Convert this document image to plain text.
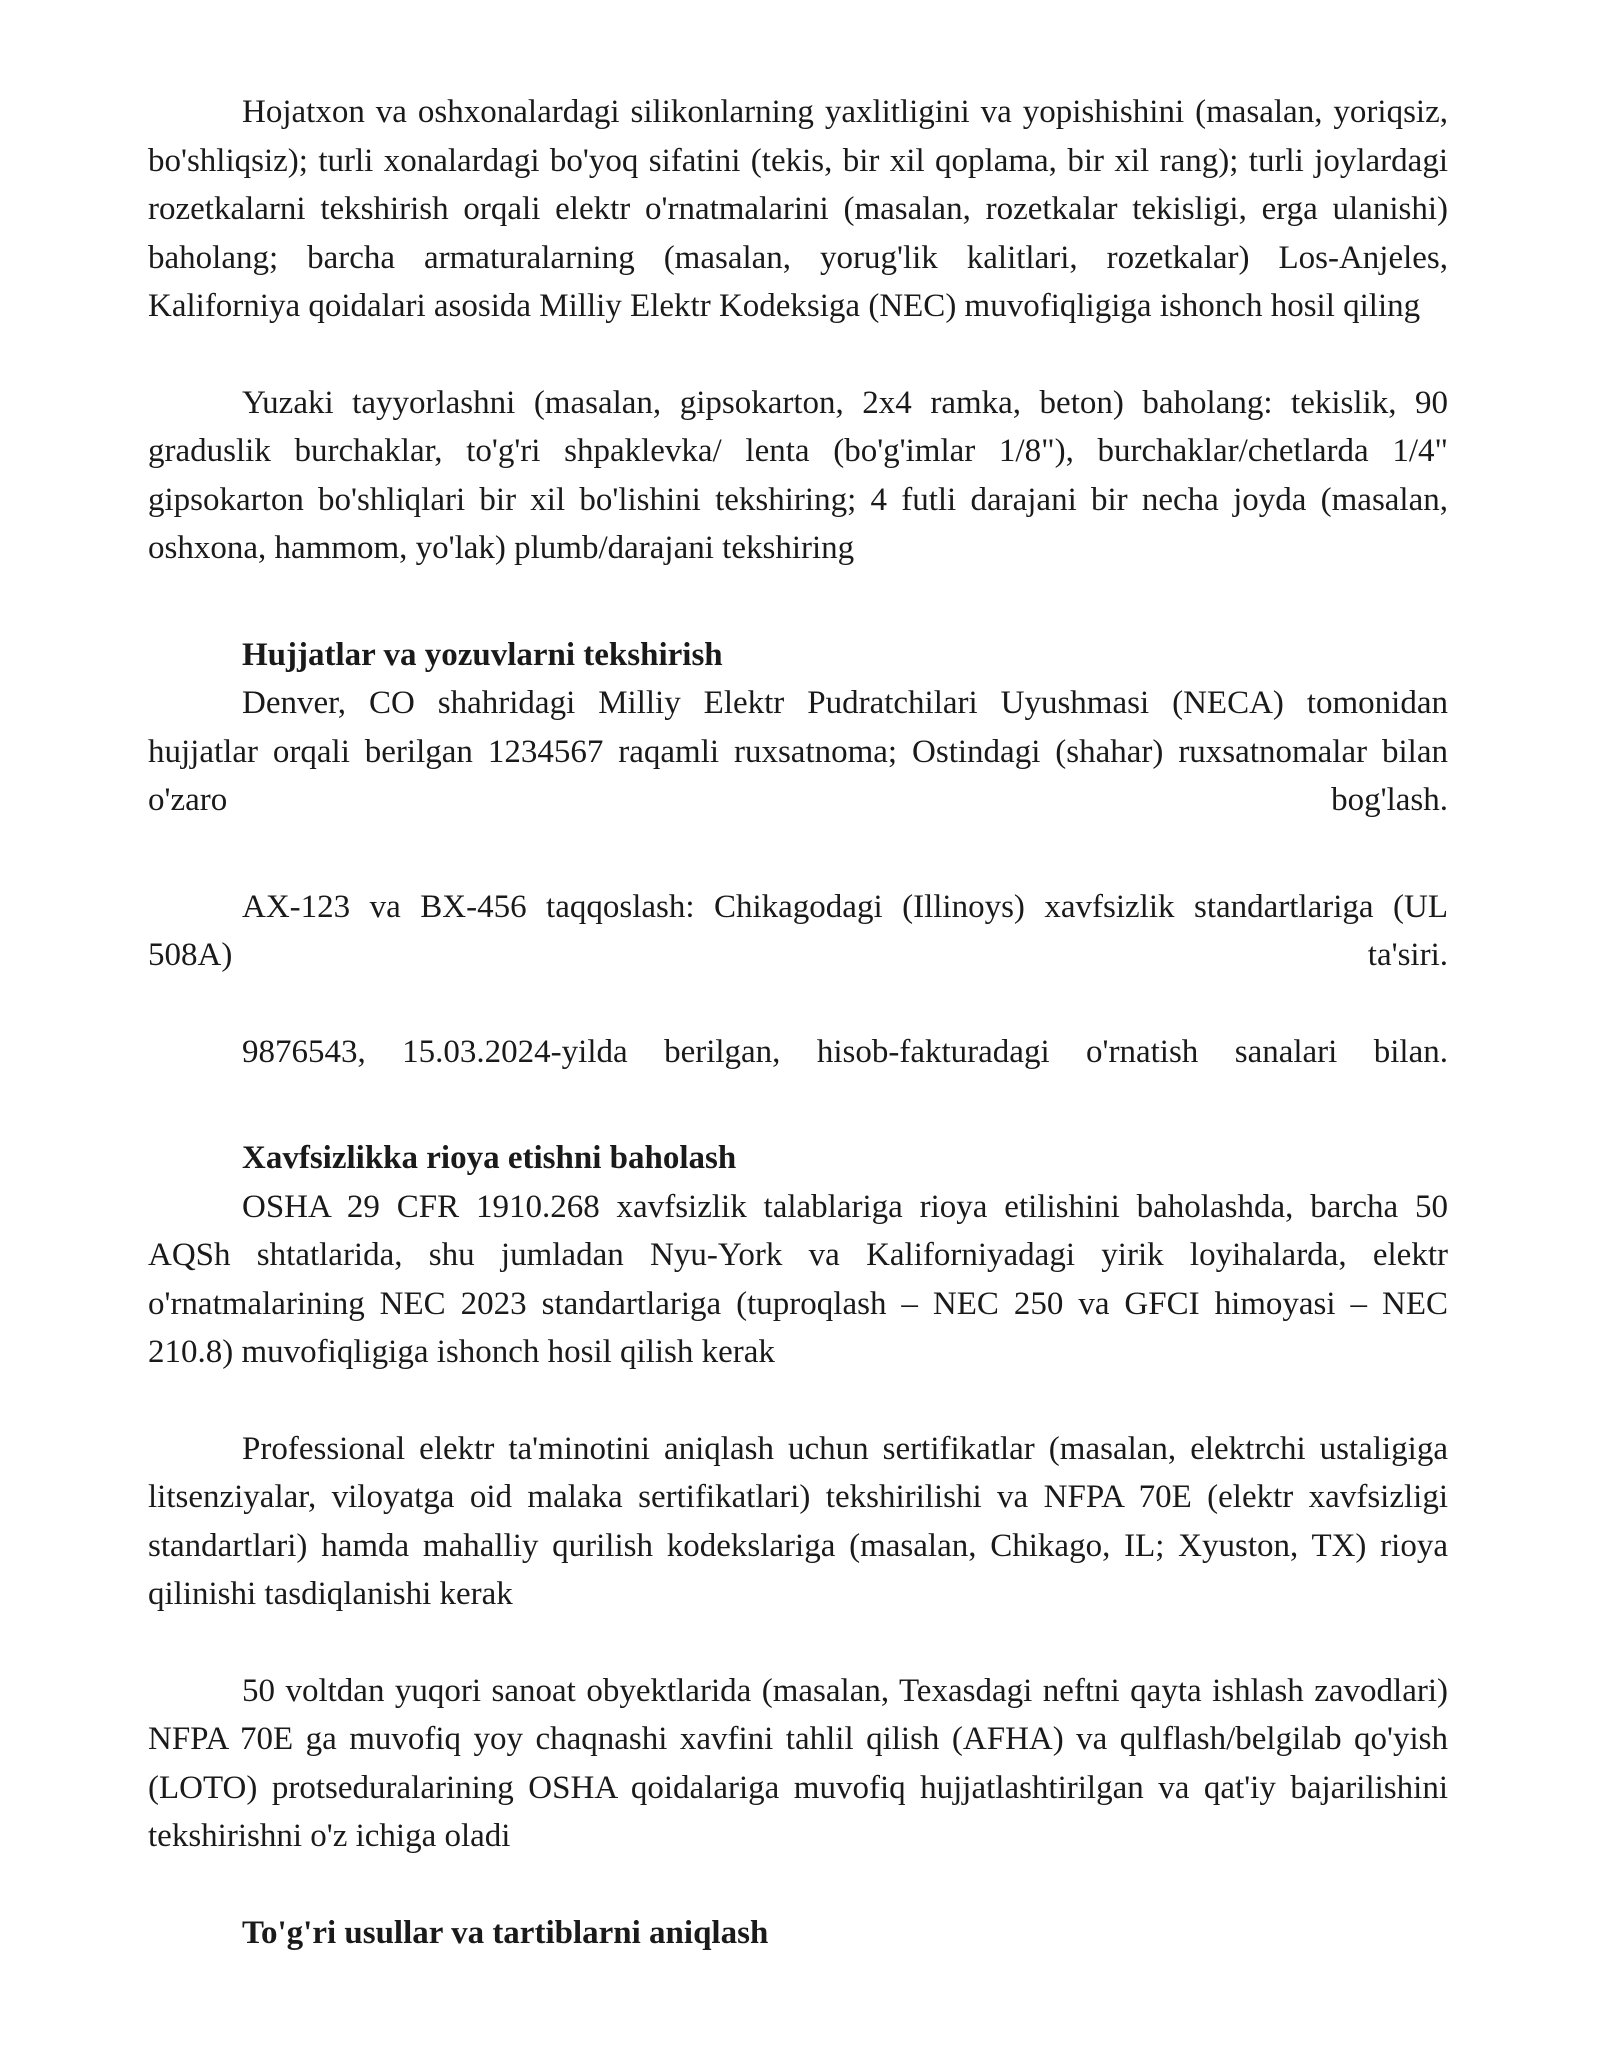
Hojatxon va oshxonalardagi silikonlarning yaxlitligini va yopishishini (masalan, yoriqsiz, bo'shliqsiz); turli xonalardagi bo'yoq sifatini (tekis, bir xil qoplama, bir xil rang); turli joylardagi rozetkalarni tekshirish orqali elektr o'rnatmalarini (masalan, rozetkalar tekisligi, erga ulanishi) baholang; barcha armaturalarning (masalan, yorug'lik kalitlari, rozetkalar) Los-Anjeles, Kaliforniya qoidalari asosida Milliy Elektr Kodeksiga (NEC) muvofiqligiga ishonch hosil qiling

Yuzaki tayyorlashni (masalan, gipsokarton, 2x4 ramka, beton) baholang: tekislik, 90 graduslik burchaklar, to'g'ri shpaklevka/ lenta (bo'g'imlar 1/8"), burchaklar/chetlarda 1/4" gipsokarton bo'shliqlari bir xil bo'lishini tekshiring; 4 futli darajani bir necha joyda (masalan, oshxona, hammom, yo'lak) plumb/darajani tekshiring

Hujjatlar va yozuvlarni tekshirish

Denver, CO shahridagi Milliy Elektr Pudratchilari Uyushmasi (NECA) tomonidan hujjatlar orqali berilgan 1234567 raqamli ruxsatnoma; Ostindagi (shahar) ruxsatnomalar bilan o'zaro bog'lash.

AX-123 va BX-456 taqqoslash: Chikagodagi (Illinoys) xavfsizlik standartlariga (UL 508A) ta'siri.

9876543, 15.03.2024-yilda berilgan, hisob-fakturadagi o'rnatish sanalari bilan.

Xavfsizlikka rioya etishni baholash

OSHA 29 CFR 1910.268 xavfsizlik talablariga rioya etilishini baholashda, barcha 50 AQSh shtatlarida, shu jumladan Nyu-York va Kaliforniyadagi yirik loyihalarda, elektr o'rnatmalarining NEC 2023 standartlariga (tuproqlash – NEC 250 va GFCI himoyasi – NEC 210.8) muvofiqligiga ishonch hosil qilish kerak

Professional elektr ta'minotini aniqlash uchun sertifikatlar (masalan, elektrchi ustaligiga litsenziyalar, viloyatga oid malaka sertifikatlari) tekshirilishi va NFPA 70E (elektr xavfsizligi standartlari) hamda mahalliy qurilish kodekslariga (masalan, Chikago, IL; Xyuston, TX) rioya qilinishi tasdiqlanishi kerak

50 voltdan yuqori sanoat obyektlarida (masalan, Texasdagi neftni qayta ishlash zavodlari) NFPA 70E ga muvofiq yoy chaqnashi xavfini tahlil qilish (AFHA) va qulflash/belgilab qo'yish (LOTO) protseduralarining OSHA qoidalariga muvofiq hujjatlashtirilgan va qat'iy bajarilishini tekshirishni o'z ichiga oladi

To'g'ri usullar va tartiblarni aniqlash
